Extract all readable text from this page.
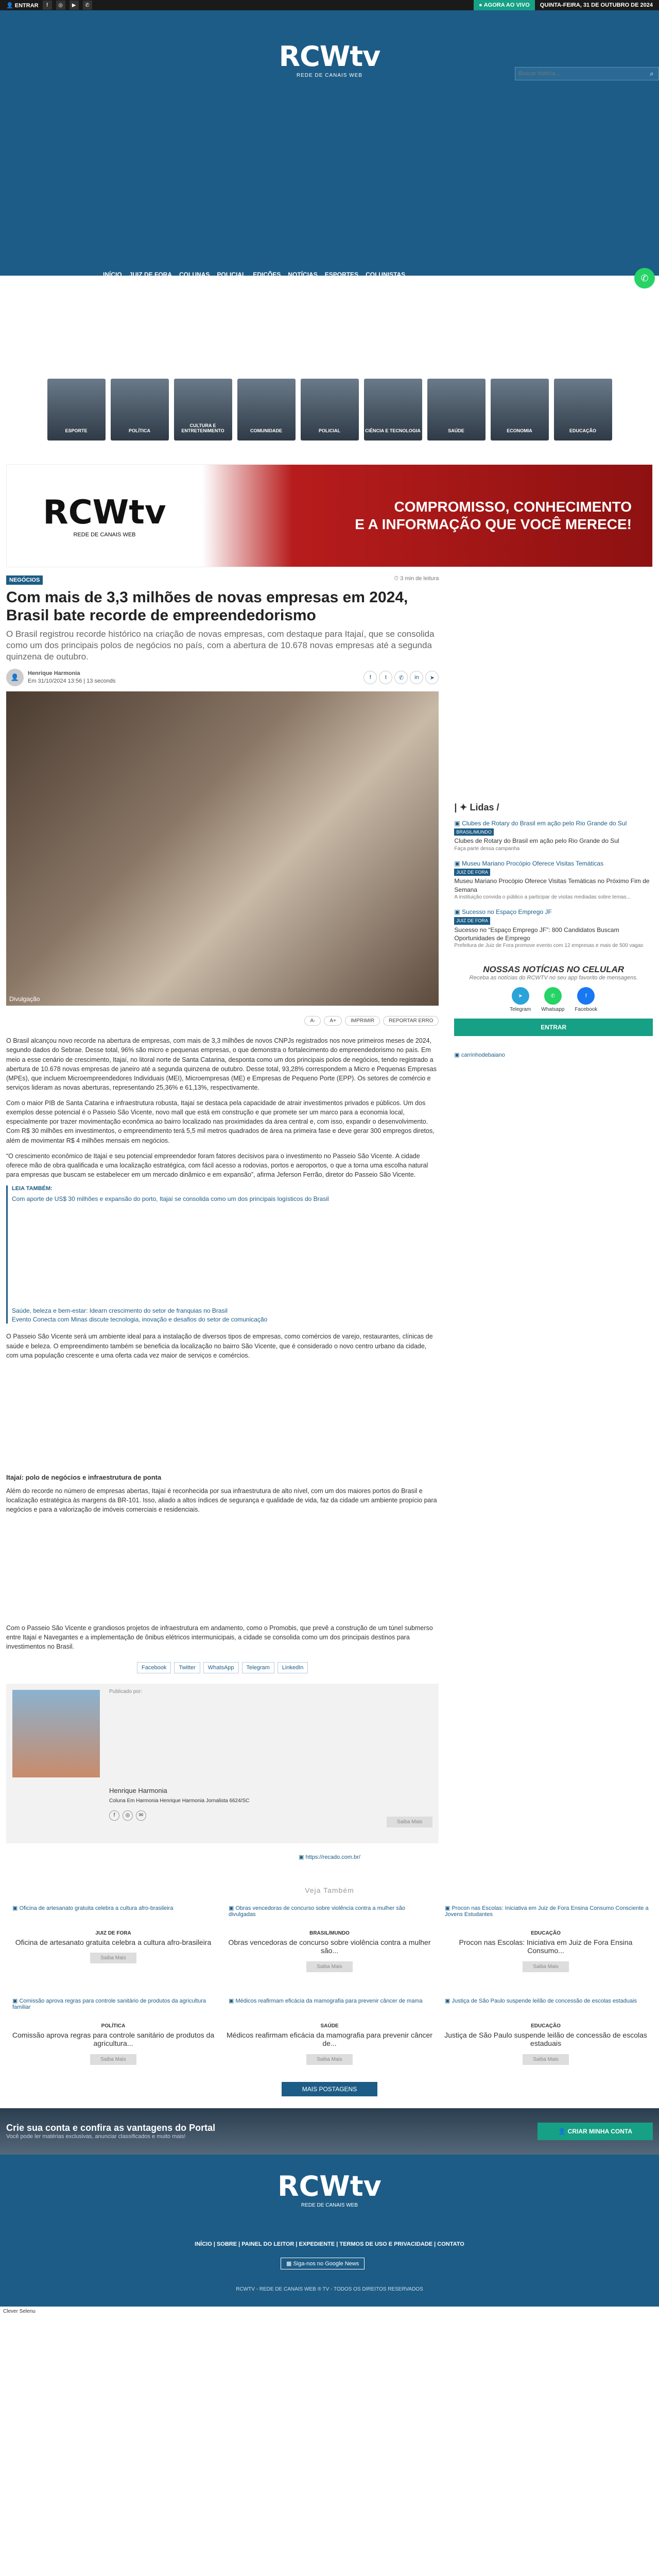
👤 ENTRAR	f	◎	▶	✆	● AGORA AO VIVO QUINTA-FEIRA, 31 DE OUTUBRO DE 2024
RCWtv
REDE DE CANAIS WEB
Buscar Notícia...	⌕
INÍCIO JUIZ DE FORA COLUNAS POLICIAL EDIÇÕES NOTÍCIAS ESPORTES COLUNISTAS	✆
ESPORTE	POLÍTICA
CULTURA E ENTRETENIMENTO	COMUNIDADE	POLICIAL	CIÊNCIA E TECNOLOGIA	SAÚDE	ECONOMIA	EDUCAÇÃO
RCWtv
REDE DE CANAIS WEB
COMPROMISSO, CONHECIMENTO
E A INFORMAÇÃO QUE VOCÊ MERECE!
NEGÓCIOS	⏱ 3 min de leitura
Com mais de 3,3 milhões de novas empresas em 2024, Brasil bate recorde de empreendedorismo

O Brasil registrou recorde histórico na criação de novas empresas, com destaque para Itajaí, que se consolida como um dos principais polos de negócios no país, com a abertura de 10.678 novas empresas até a segunda quinzena de outubro.

👤
Henrique Harmonia
Em 31/10/2024 13:56 | 13 seconds
f	t	✆	in	➤
Divulgação
A-	A+	IMPRIMIR	REPORTAR ERRO

O Brasil alcançou novo recorde na abertura de empresas, com mais de 3,3 milhões de novos CNPJs registrados nos nove primeiros meses de 2024, segundo dados do Sebrae. Desse total, 96% são micro e pequenas empresas, o que demonstra o fortalecimento do empreendedorismo no país. Em meio a esse cenário de crescimento, Itajaí, no litoral norte de Santa Catarina, desponta como um dos principais polos de negócios, tendo registrado a abertura de 10.678 novas empresas de janeiro até a segunda quinzena de outubro. Desse total, 93,28% correspondem a Micro e Pequenas Empresas (MPEs), que incluem Microempreendedores Individuais (MEI), Microempresas (ME) e Empresas de Pequeno Porte (EPP). Os setores de comércio e serviços lideram as novas aberturas, representando 25,36% e 61,13%, respectivamente.

Com o maior PIB de Santa Catarina e infraestrutura robusta, Itajaí se destaca pela capacidade de atrair investimentos privados e públicos. Um dos exemplos desse potencial é o Passeio São Vicente, novo mall que está em construção e que promete ser um marco para a economia local, especialmente por trazer movimentação econômica ao bairro localizado nas proximidades da área central e, com isso, expandir o desenvolvimento. Com R$ 30 milhões em investimentos, o empreendimento terá 5,5 mil metros quadrados de área na primeira fase e deve gerar 300 empregos diretos, além de movimentar R$ 4 milhões mensais em negócios.

“O crescimento econômico de Itajaí e seu potencial empreendedor foram fatores decisivos para o investimento no Passeio São Vicente. A cidade oferece mão de obra qualificada e uma localização estratégica, com fácil acesso a rodovias, portos e aeroportos, o que a torna uma escolha natural para empresas que buscam se estabelecer em um mercado dinâmico e em expansão”, afirma Jeferson Ferrão, diretor do Passeio São Vicente.

LEIA TAMBÉM:
Com aporte de US$ 30 milhões e expansão do porto, Itajaí se consolida como um dos principais logísticos do Brasil
Saúde, beleza e bem-estar: Idearn crescimento do setor de franquias no Brasil
Evento Conecta com Minas discute tecnologia, inovação e desafios do setor de comunicação

O Passeio São Vicente será um ambiente ideal para a instalação de diversos tipos de empresas, como comércios de varejo, restaurantes, clínicas de saúde e beleza. O empreendimento também se beneficia da localização no bairro São Vicente, que é considerado o novo centro urbano da cidade, com uma população crescente e uma oferta cada vez maior de serviços e comércios.

Itajaí: polo de negócios e infraestrutura de ponta

Além do recorde no número de empresas abertas, Itajaí é reconhecida por sua infraestrutura de alto nível, com um dos maiores portos do Brasil e localização estratégica às margens da BR-101. Isso, aliado a altos índices de segurança e qualidade de vida, faz da cidade um ambiente propício para negócios e para a valorização de imóveis comerciais e residenciais.

Com o Passeio São Vicente e grandiosos projetos de infraestrutura em andamento, como o Promobis, que prevê a construção de um túnel submerso entre Itajaí e Navegantes e a implementação de ônibus elétricos intermunicipais, a cidade se consolida como um dos principais destinos para investimentos no Brasil.

Facebook	Twitter	WhatsApp	Telegram	LinkedIn
Publicado por:
Henrique Harmonia
Coluna Em Harmonia Henrique Harmonia Jornalista 6624/SC
f	◎	✉
Saiba Mais
| ✦ Lidas /
▣ Clubes de Rotary do Brasil em ação pelo Rio Grande do Sul
BRASIL/MUNDO
Clubes de Rotary do Brasil em ação pelo Rio Grande do Sul
Faça parte dessa campanha
▣ Museu Mariano Procópio Oferece Visitas Temáticas
JUIZ DE FORA
Museu Mariano Procópio Oferece Visitas Temáticas no Próximo Fim de Semana
A instituição convida o público a participar de visitas mediadas sobre temas...
▣ Sucesso no Espaço Emprego JF
JUIZ DE FORA
Sucesso no “Espaço Emprego JF”: 800 Candidatos Buscam Oportunidades de Emprego
Prefeitura de Juiz de Fora promove evento com 12 empresas e mais de 500 vagas
NOSSAS NOTÍCIAS NO CELULAR

Receba as notícias do RCWTV no seu app favorito de mensagens.

➤
Telegram
✆
Whatsapp
f
Facebook
ENTRAR
▣ carrinhodebaiano
▣ https://recado.com.br/
Veja Também
▣ Oficina de artesanato gratuita celebra a cultura afro-brasileira
JUIZ DE FORA
Oficina de artesanato gratuita celebra a cultura afro-brasileira
Saiba Mais
▣ Obras vencedoras de concurso sobre violência contra a mulher são divulgadas
BRASIL/MUNDO
Obras vencedoras de concurso sobre violência contra a mulher são...
Saiba Mais
▣ Procon nas Escolas: Iniciativa em Juiz de Fora Ensina Consumo Consciente a Jovens Estudantes
EDUCAÇÃO
Procon nas Escolas: Iniciativa em Juiz de Fora Ensina Consumo...
Saiba Mais
▣ Comissão aprova regras para controle sanitário de produtos da agricultura familiar
POLÍTICA
Comissão aprova regras para controle sanitário de produtos da agricultura...
Saiba Mais
▣ Médicos reafirmam eficácia da mamografia para prevenir câncer de mama
SAÚDE
Médicos reafirmam eficácia da mamografia para prevenir câncer de...
Saiba Mais
▣ Justiça de São Paulo suspende leilão de concessão de escolas estaduais
EDUCAÇÃO
Justiça de São Paulo suspende leilão de concessão de escolas estaduais
Saiba Mais
MAIS POSTAGENS
Crie sua conta e confira as vantagens do Portal

Você pode ler matérias exclusivas, anunciar classificados e muito mais!

👤 CRIAR MINHA CONTA
RCWtv
REDE DE CANAIS WEB
INÍCIO | SOBRE | PAINEL DO LEITOR | EXPEDIENTE | TERMOS DE USO E PRIVACIDADE | CONTATO
▦ Siga-nos no Google News
RCWTV - REDE DE CANAIS WEB ® TV - TODOS OS DIREITOS RESERVADOS
Clever Selenu
